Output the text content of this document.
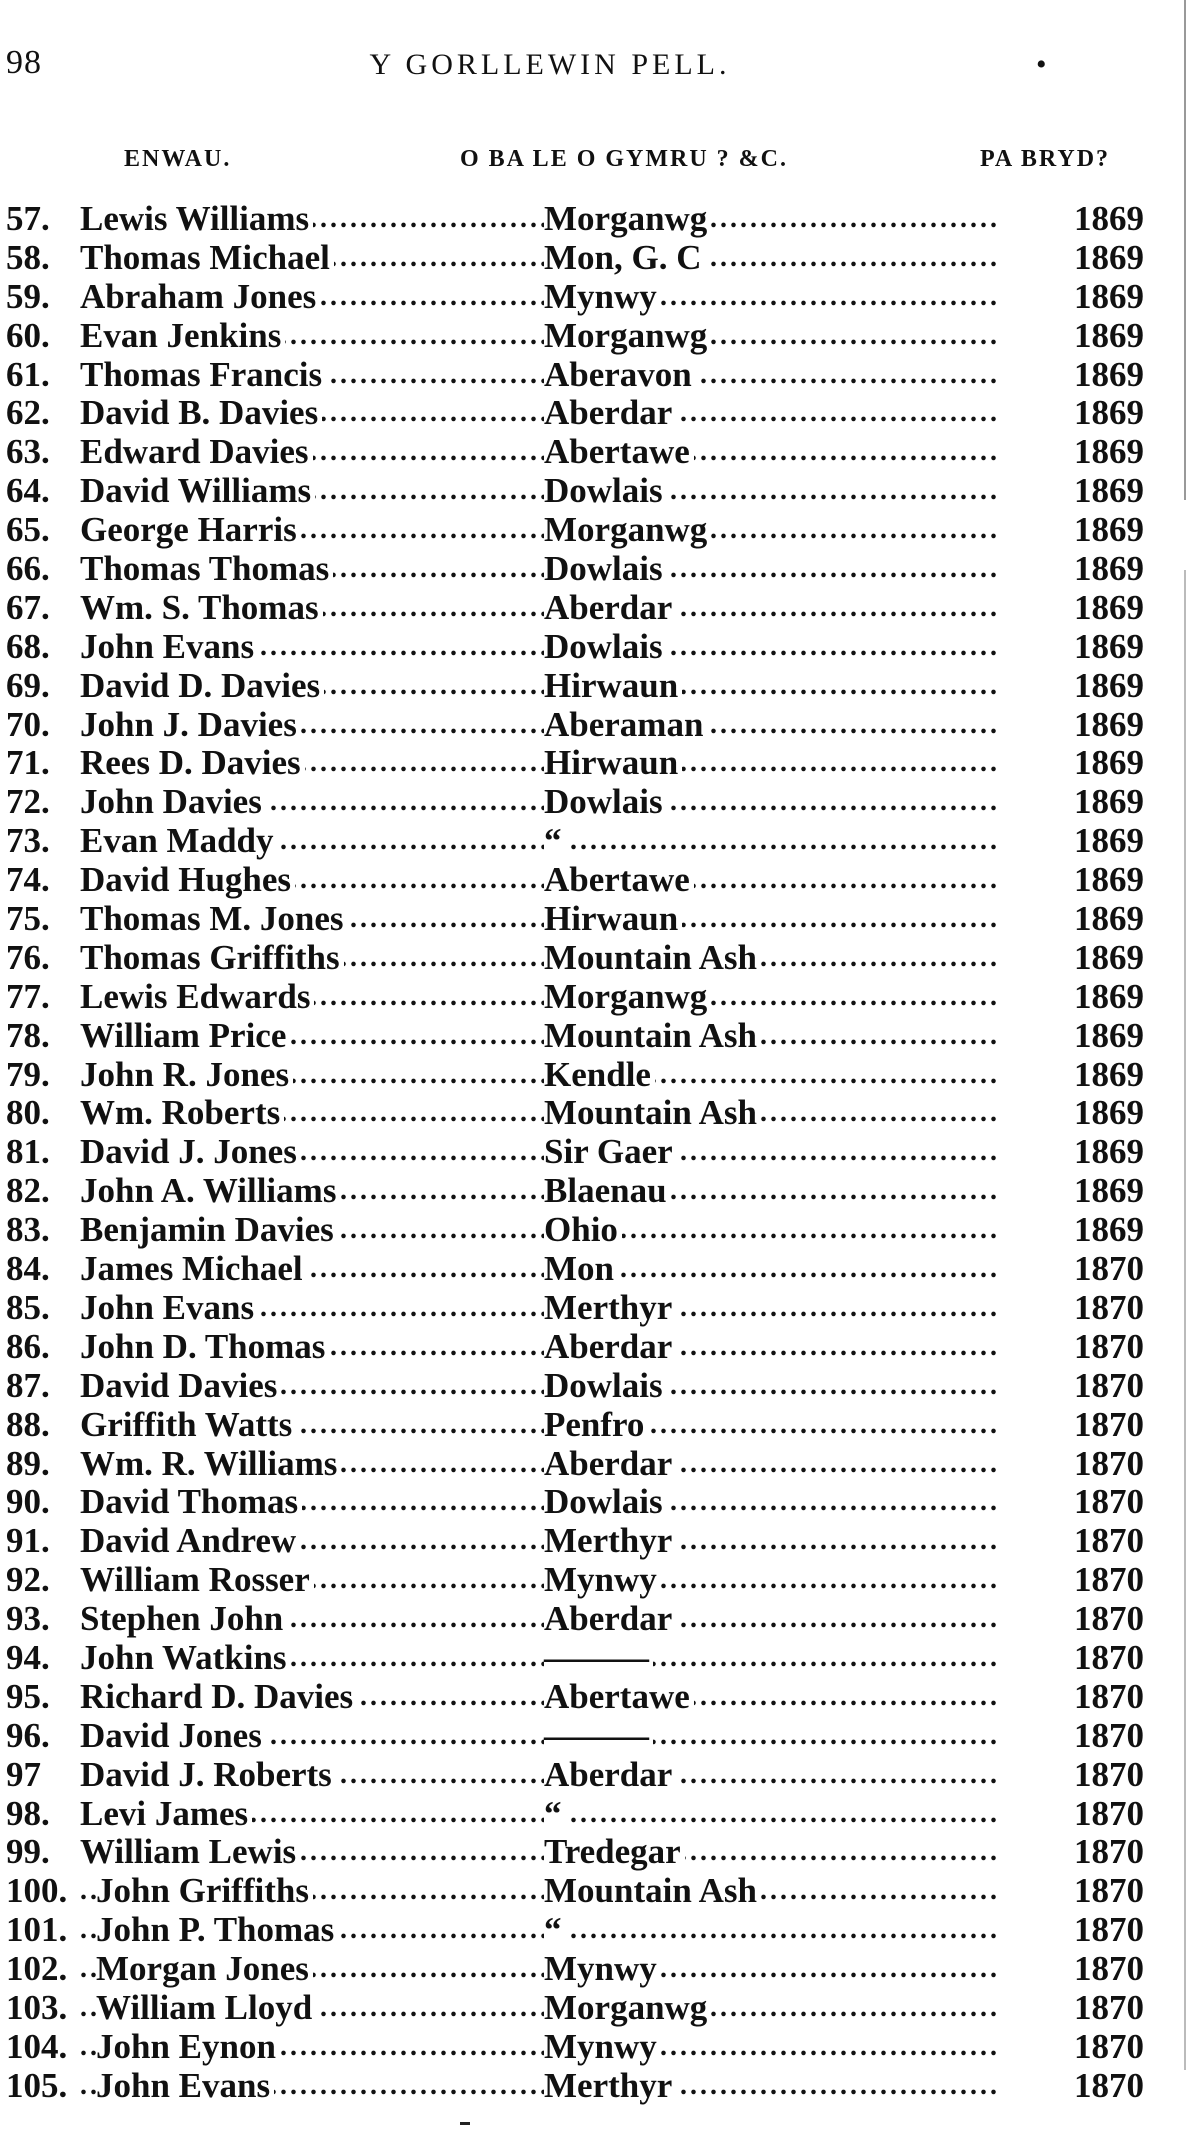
98	Y GORLLEWIN PELL.	•
ENWAU.	O BA LE O GYMRU ? &C.	PA BRYD?
. . .
57. Lewis Williams	Morganwg	1869
. . .
58. Thomas Michael	Mon, G. C	1869
. . .
59. Abraham Jones	Mynwy	1869
. . .
60. Evan Jenkins	Morganwg	1869
. . .
61. Thomas Francis	Aberavon	1869
. . .
62. David B. Davies	Aberdar	1869
. . .
63. Edward Davies	Abertawe	1869
. . .
64. David Williams	Dowlais	1869
. . .
65. George Harris	Morganwg	1869
. . .
66. Thomas Thomas	Dowlais	1869
. . .
67. Wm. S. Thomas	Aberdar	1869
. . .
68. John Evans	Dowlais	1869
. . .
69. David D. Davies	Hirwaun	1869
. . .
70. John J. Davies	Aberaman	1869
. . .
71. Rees D. Davies	Hirwaun	1869
. . .
72. John Davies	Dowlais	1869
. . .
73. Evan Maddy	“	1869
. . .
74. David Hughes	Abertawe	1869
. . .
75. Thomas M. Jones	Hirwaun	1869
. . .
76. Thomas Griffiths	Mountain Ash	1869
. . .
77. Lewis Edwards	Morganwg	1869
. . .
78. William Price	Mountain Ash	1869
. . .
79. John R. Jones	Kendle	1869
. . .
80. Wm. Roberts	Mountain Ash	1869
. . .
81. David J. Jones	Sir Gaer	1869
. . .
82. John A. Williams	Blaenau	1869
. . .
83. Benjamin Davies	Ohio	1869
. . .
84. James Michael	Mon	1870
. . .
85. John Evans	Merthyr	1870
. . .
86. John D. Thomas	Aberdar	1870
. . .
87. David Davies	Dowlais	1870
. . .
88. Griffith Watts	Penfro	1870
. . .
89. Wm. R. Williams	Aberdar	1870
. . .
90. David Thomas	Dowlais	1870
. . .
91. David Andrew	Merthyr	1870
. . .
92. William Rosser	Mynwy	1870
. . .
93. Stephen John	Aberdar	1870
. . .
94. John Watkins	———	1870
. . .
95. Richard D. Davies	Abertawe	1870
. . .
96. David Jones	———	1870
. . .
97 David J. Roberts	Aberdar	1870
. . .
98. Levi James	“	1870
. . .
99. William Lewis	Tredegar	1870
. . .
100. John Griffiths	Mountain Ash	1870
. . .
101. John P. Thomas	“	1870
. . .
102. Morgan Jones	Mynwy	1870
. . .
103. William Lloyd	Morganwg	1870
. . .
104. John Eynon	Mynwy	1870
. . .
105. John Evans	Merthyr	1870
